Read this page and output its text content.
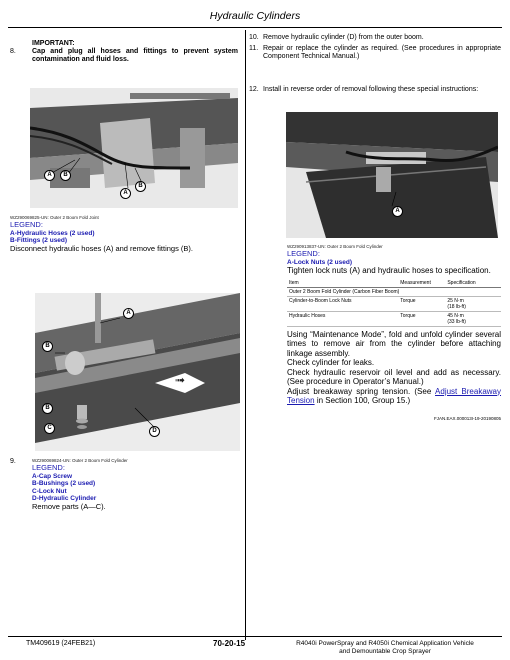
Hydraulic Cylinders
IMPORTANT:
8.	Cap and plug all hoses and fittings to prevent system contamination and fluid loss.
A	B
A
B
WZ290069825-UN: Outer 2 Boom Fold Joint
LEGEND:
A-Hydraulic Hoses (2 used)
B-Fittings (2 used)
Disconnect hydraulic hoses (A) and remove fittings (B).
A
B
B
C	D
➟
9.	WZ290069824-UN: Outer 2 Boom Fold Cylinder
LEGEND:
A-Cap Screw
B-Bushings (2 used)
C-Lock Nut
D-Hydraulic Cylinder
Remove parts (A—C).
10. Remove hydraulic cylinder (D) from the outer boom.
11. Repair or replace the cylinder as required. (See procedures in appropriate Component Technical Manual.)
12. Install in reverse order of removal following these special instructions:
A
WZ290913837-UN: Outer 2 Boom Fold Cylinder
LEGEND:
A-Lock Nuts (2 used)
Tighten lock nuts (A) and hydraulic hoses to specification.
Item	Measurement	Specification
Outer 2 Boom Fold Cylinder (Carbon Fiber Boom)		
Cylinder-to-Boom Lock Nuts	Torque	25 N·m
(18 lb-ft)

Hydraulic Hoses	Torque	45 N·m
(33 lb-ft)
Using “Maintenance Mode”, fold and unfold cylinder several times to remove air from the cylinder before attaching linkage assembly.
Check cylinder for leaks.
Check hydraulic reservoir oil level and add as necessary. (See procedure in Operator’s Manual.)
Adjust breakaway spring tension. (See Adjust Breakaway Tension in Section 100, Group 15.)
FJAN.EAX.000013I-19-20190805
TM409619 (24FEB21)	70-20-15	R4040i PowerSpray and R4050i Chemical Application Vehicle
and Demountable Crop Sprayer
